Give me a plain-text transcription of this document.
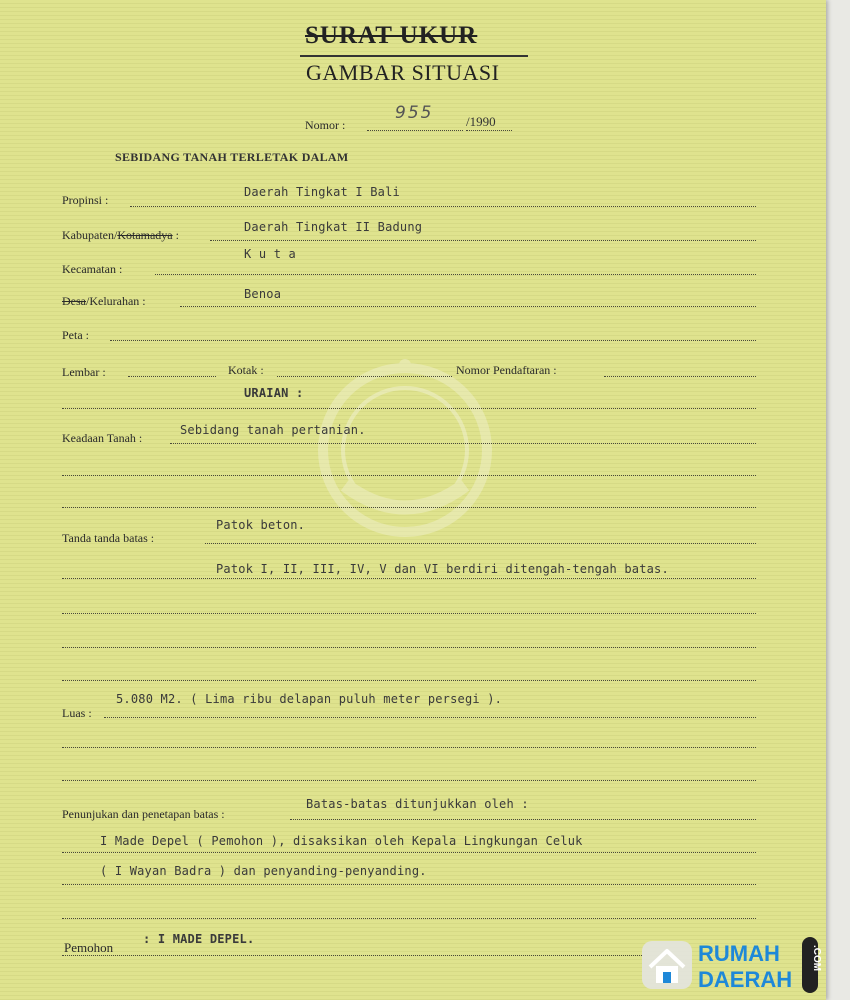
SURAT UKUR
GAMBAR SITUASI
Nomor :
955	/1990
SEBIDANG TANAH TERLETAK DALAM
Propinsi :
Daerah Tingkat I Bali
Kabupaten/Kotamadya :
Daerah Tingkat II Badung
Kecamatan :
K u t a
Desa/Kelurahan :	Benoa
Peta :
Lembar :	Kotak :	Nomor Pendaftaran :
URAIAN :
Keadaan Tanah :
Sebidang tanah pertanian.
Tanda tanda batas :
Patok beton.
Patok I, II, III, IV, V dan VI berdiri ditengah-tengah batas.
Luas :
5.080 M2. ( Lima ribu delapan puluh meter persegi ).
Penunjukan dan penetapan batas :
Batas-batas ditunjukkan oleh :
I Made Depel ( Pemohon ), disaksikan oleh Kepala Lingkungan Celuk
( I Wayan Badra ) dan penyanding-penyanding.
Pemohon
: I MADE DEPEL.
RUMAH
DAERAH
.COM
